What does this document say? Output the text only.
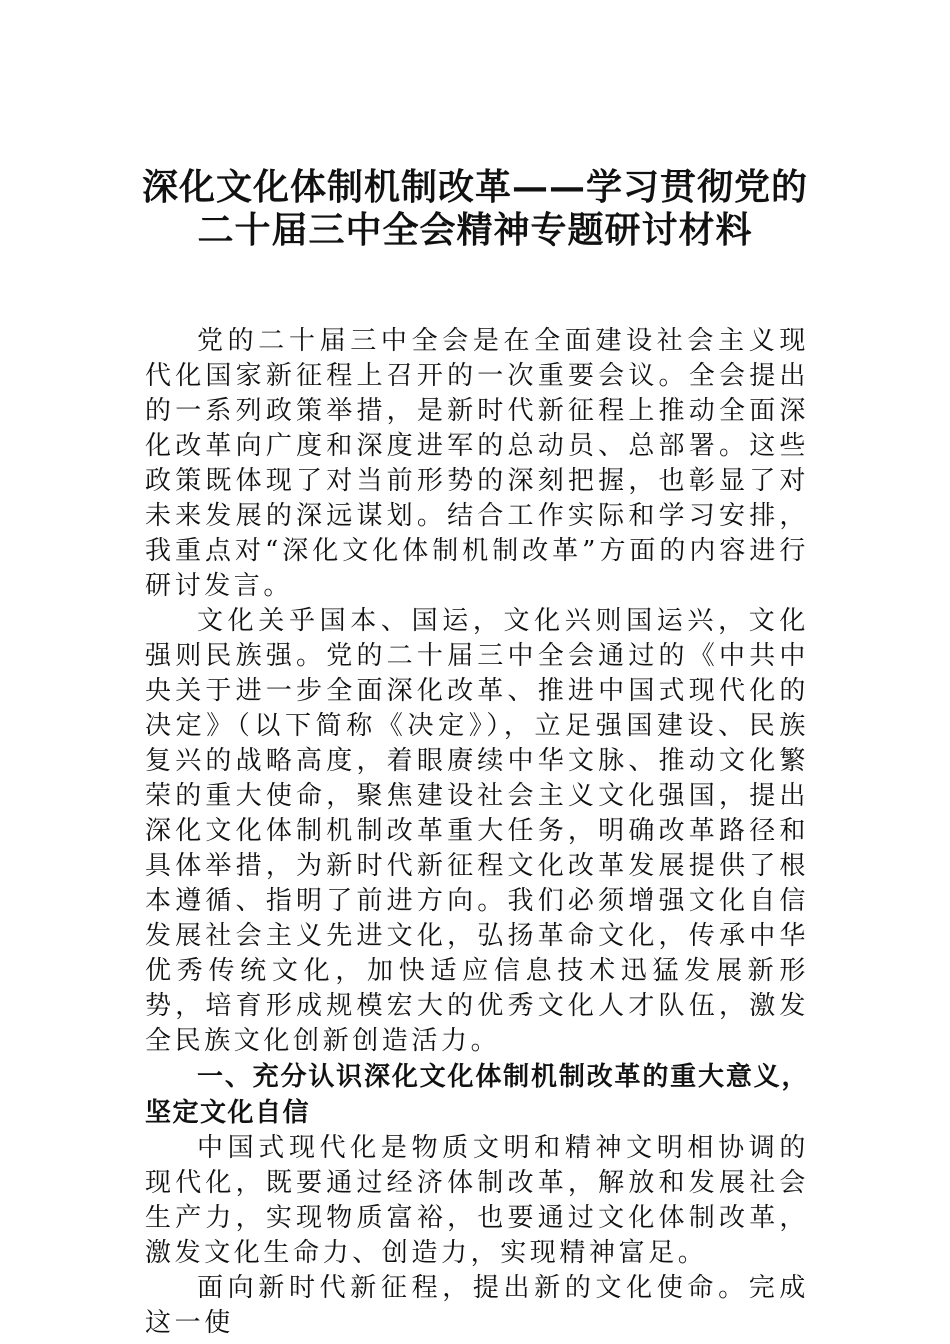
深化文化体制机制改革——学习贯彻党的
二十届三中全会精神专题研讨材料

党的二十届三中全会是在全面建设社会主义现代化国家新征程上召开的一次重要会议。全会提出的一系列政策举措，是新时代新征程上推动全面深化改革向广度和深度进军的总动员、总部署。这些政策既体现了对当前形势的深刻把握，也彰显了对未来发展的深远谋划。结合工作实际和学习安排，我重点对“深化文化体制机制改革”方面的内容进行研讨发言。

文化关乎国本、国运，文化兴则国运兴，文化强则民族强。党的二十届三中全会通过的《中共中央关于进一步全面深化改革、推进中国式现代化的决定》（以下简称《决定》），立足强国建设、民族复兴的战略高度，着眼赓续中华文脉、推动文化繁荣的重大使命，聚焦建设社会主义文化强国，提出深化文化体制机制改革重大任务，明确改革路径和具体举措，为新时代新征程文化改革发展提供了根本遵循、指明了前进方向。我们必须增强文化自信发展社会主义先进文化，弘扬革命文化，传承中华优秀传统文化，加快适应信息技术迅猛发展新形势，培育形成规模宏大的优秀文化人才队伍，激发全民族文化创新创造活力。

一、充分认识深化文化体制机制改革的重大意义，坚定文化自信

中国式现代化是物质文明和精神文明相协调的现代化，既要通过经济体制改革，解放和发展社会生产力，实现物质富裕，也要通过文化体制改革，激发文化生命力、创造力，实现精神富足。

面向新时代新征程，提出新的文化使命。完成这一使
